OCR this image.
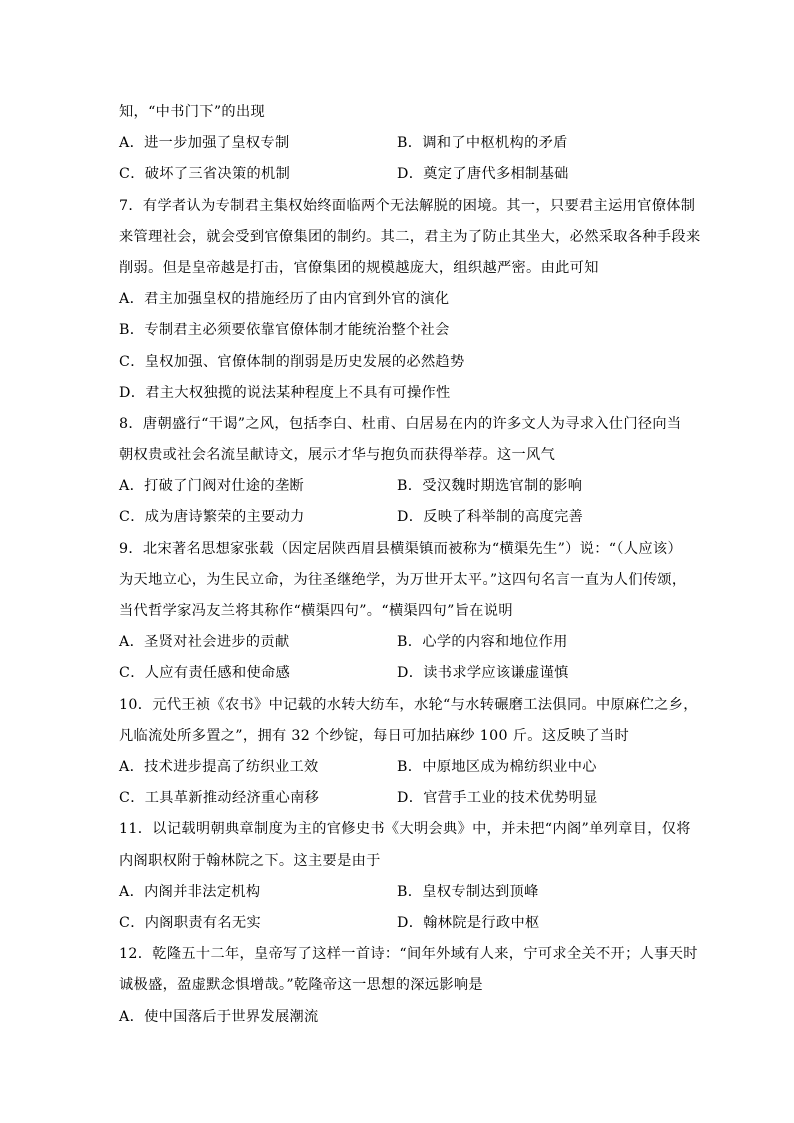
知，“中书门下”的出现
A．进一步加强了皇权专制	B．调和了中枢机构的矛盾
C．破坏了三省决策的机制	D．奠定了唐代多相制基础
7．有学者认为专制君主集权始终面临两个无法解脱的困境。其一，只要君主运用官僚体制
来管理社会，就会受到官僚集团的制约。其二，君主为了防止其坐大，必然采取各种手段来
削弱。但是皇帝越是打击，官僚集团的规模越庞大，组织越严密。由此可知
A．君主加强皇权的措施经历了由内官到外官的演化
B．专制君主必须要依靠官僚体制才能统治整个社会
C．皇权加强、官僚体制的削弱是历史发展的必然趋势
D．君主大权独揽的说法某种程度上不具有可操作性
8．唐朝盛行“干谒”之风，包括李白、杜甫、白居易在内的许多文人为寻求入仕门径向当
朝权贵或社会名流呈献诗文，展示才华与抱负而获得举荐。这一风气
A．打破了门阀对仕途的垄断	B．受汉魏时期选官制的影响
C．成为唐诗繁荣的主要动力	D．反映了科举制的高度完善
9．北宋著名思想家张载（因定居陕西眉县横渠镇而被称为“横渠先生”）说：“（人应该）
为天地立心，为生民立命，为往圣继绝学，为万世开太平。”这四句名言一直为人们传颂，
当代哲学家冯友兰将其称作“横渠四句”。“横渠四句”旨在说明
A．圣贤对社会进步的贡献	B．心学的内容和地位作用
C．人应有责任感和使命感	D．读书求学应该谦虚谨慎
10．元代王祯《农书》中记载的水转大纺车，水轮“与水转碾磨工法俱同。中原麻伫之乡，
凡临流处所多置之”，拥有 32 个纱锭，每日可加拈麻纱 100 斤。这反映了当时
A．技术进步提高了纺织业工效	B．中原地区成为棉纺织业中心
C．工具革新推动经济重心南移	D．官营手工业的技术优势明显
11．以记载明朝典章制度为主的官修史书《大明会典》中，并未把“内阁”单列章目，仅将
内阁职权附于翰林院之下。这主要是由于
A．内阁并非法定机构	B．皇权专制达到顶峰
C．内阁职责有名无实	D．翰林院是行政中枢
12．乾隆五十二年，皇帝写了这样一首诗：“间年外域有人来，宁可求全关不开；人事天时
诚极盛，盈虚默念惧增哉。”乾隆帝这一思想的深远影响是
A．使中国落后于世界发展潮流
